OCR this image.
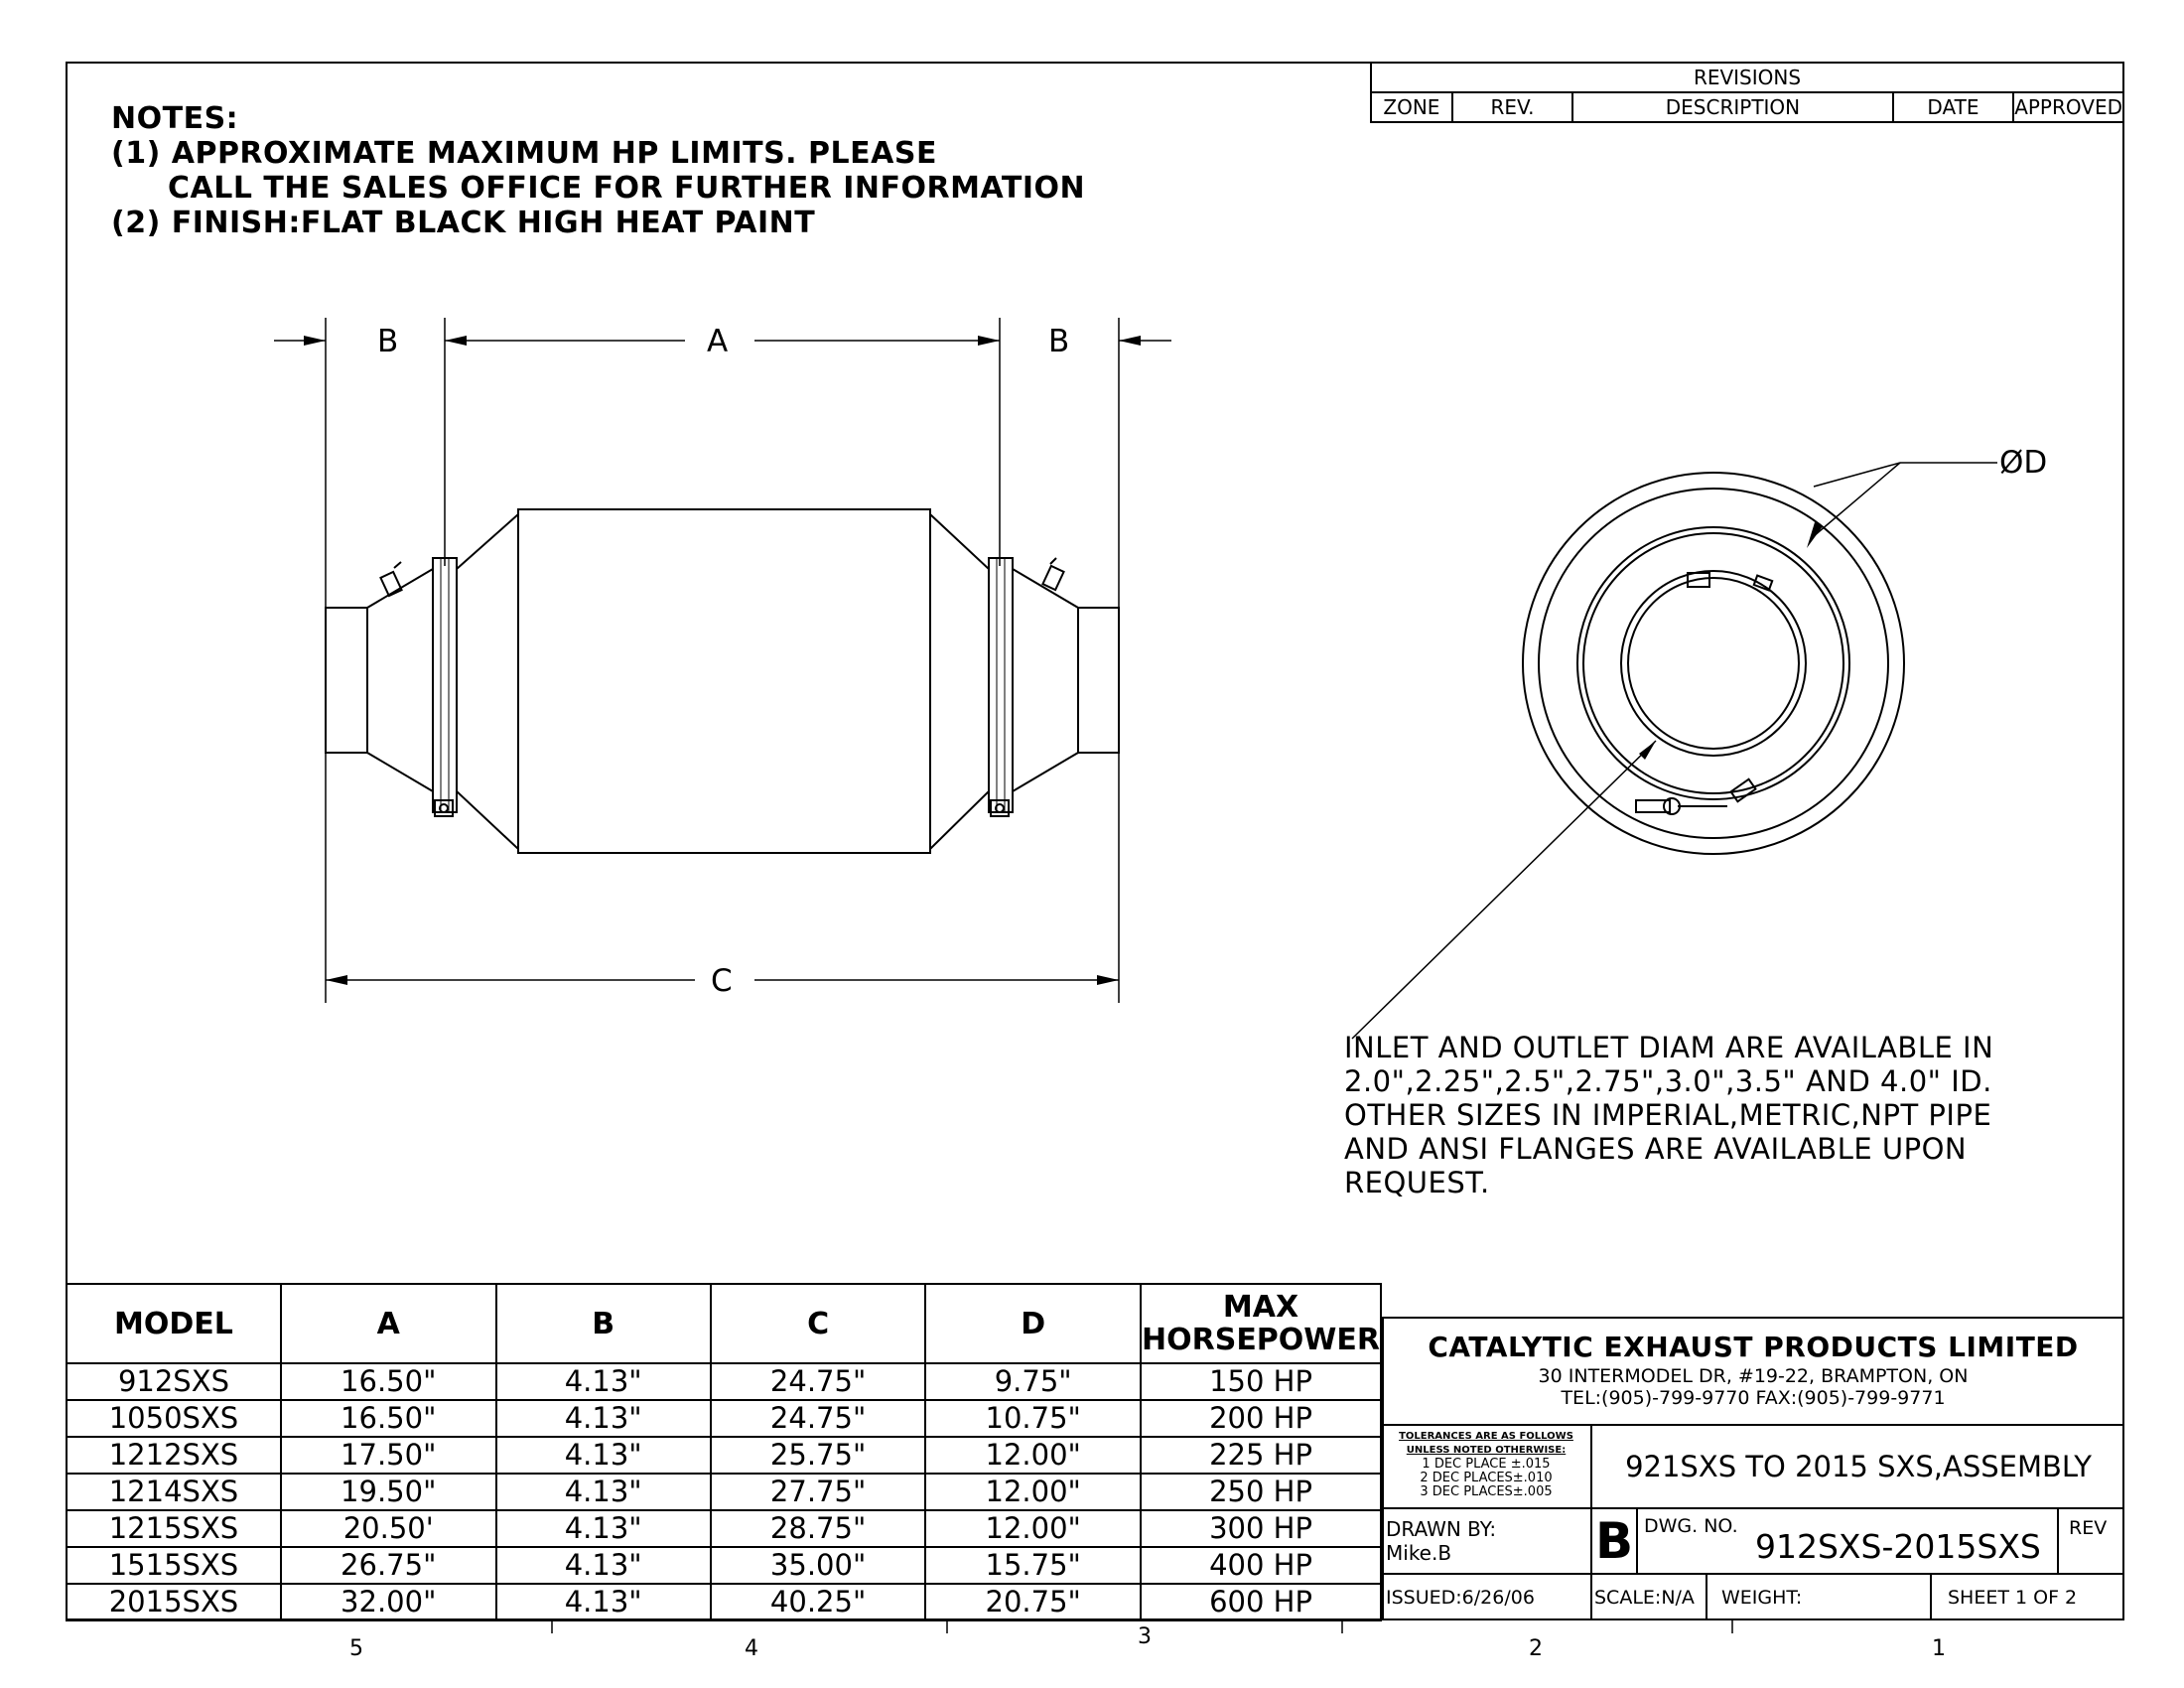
NOTES:
(1) APPROXIMATE MAXIMUM HP LIMITS. PLEASE
CALL THE SALES OFFICE FOR FURTHER INFORMATION
(2) FINISH:FLAT BLACK HIGH HEAT PAINT
REVISIONS
ZONE	REV.	DESCRIPTION	DATE	APPROVED
B	A	B
C
ØD
INLET AND OUTLET DIAM ARE AVAILABLE IN
2.0",2.25",2.5",2.75",3.0",3.5" AND 4.0" ID.
OTHER SIZES IN IMPERIAL,METRIC,NPT PIPE
AND ANSI FLANGES ARE AVAILABLE UPON
REQUEST.
MODEL	A	B	C	D	MAX
HORSEPOWER

912SXS	16.50"	4.13"	24.75"	9.75"	150 HP
1050SXS	16.50"	4.13"	24.75"	10.75"	200 HP
1212SXS	17.50"	4.13"	25.75"	12.00"	225 HP
1214SXS	19.50"	4.13"	27.75"	12.00"	250 HP
1215SXS	20.50'	4.13"	28.75"	12.00"	300 HP
1515SXS	26.75"	4.13"	35.00"	15.75"	400 HP
2015SXS	32.00"	4.13"	40.25"	20.75"	600 HP
CATALYTIC EXHAUST PRODUCTS LIMITED
30 INTERMODEL DR, #19-22, BRAMPTON, ON
TEL:(905)-799-9770 FAX:(905)-799-9771
TOLERANCES ARE AS FOLLOWS
UNLESS NOTED OTHERWISE:
1 DEC PLACE ±.015
2 DEC PLACES±.010
3 DEC PLACES±.005
921SXS TO 2015 SXS,ASSEMBLY
DRAWN BY:
Mike.B	B DWG. NO.
912SXS-2015SXS REV
ISSUED:6/26/06	SCALE:N/A	WEIGHT:	SHEET 1 OF 2
5	4	3	2	1
